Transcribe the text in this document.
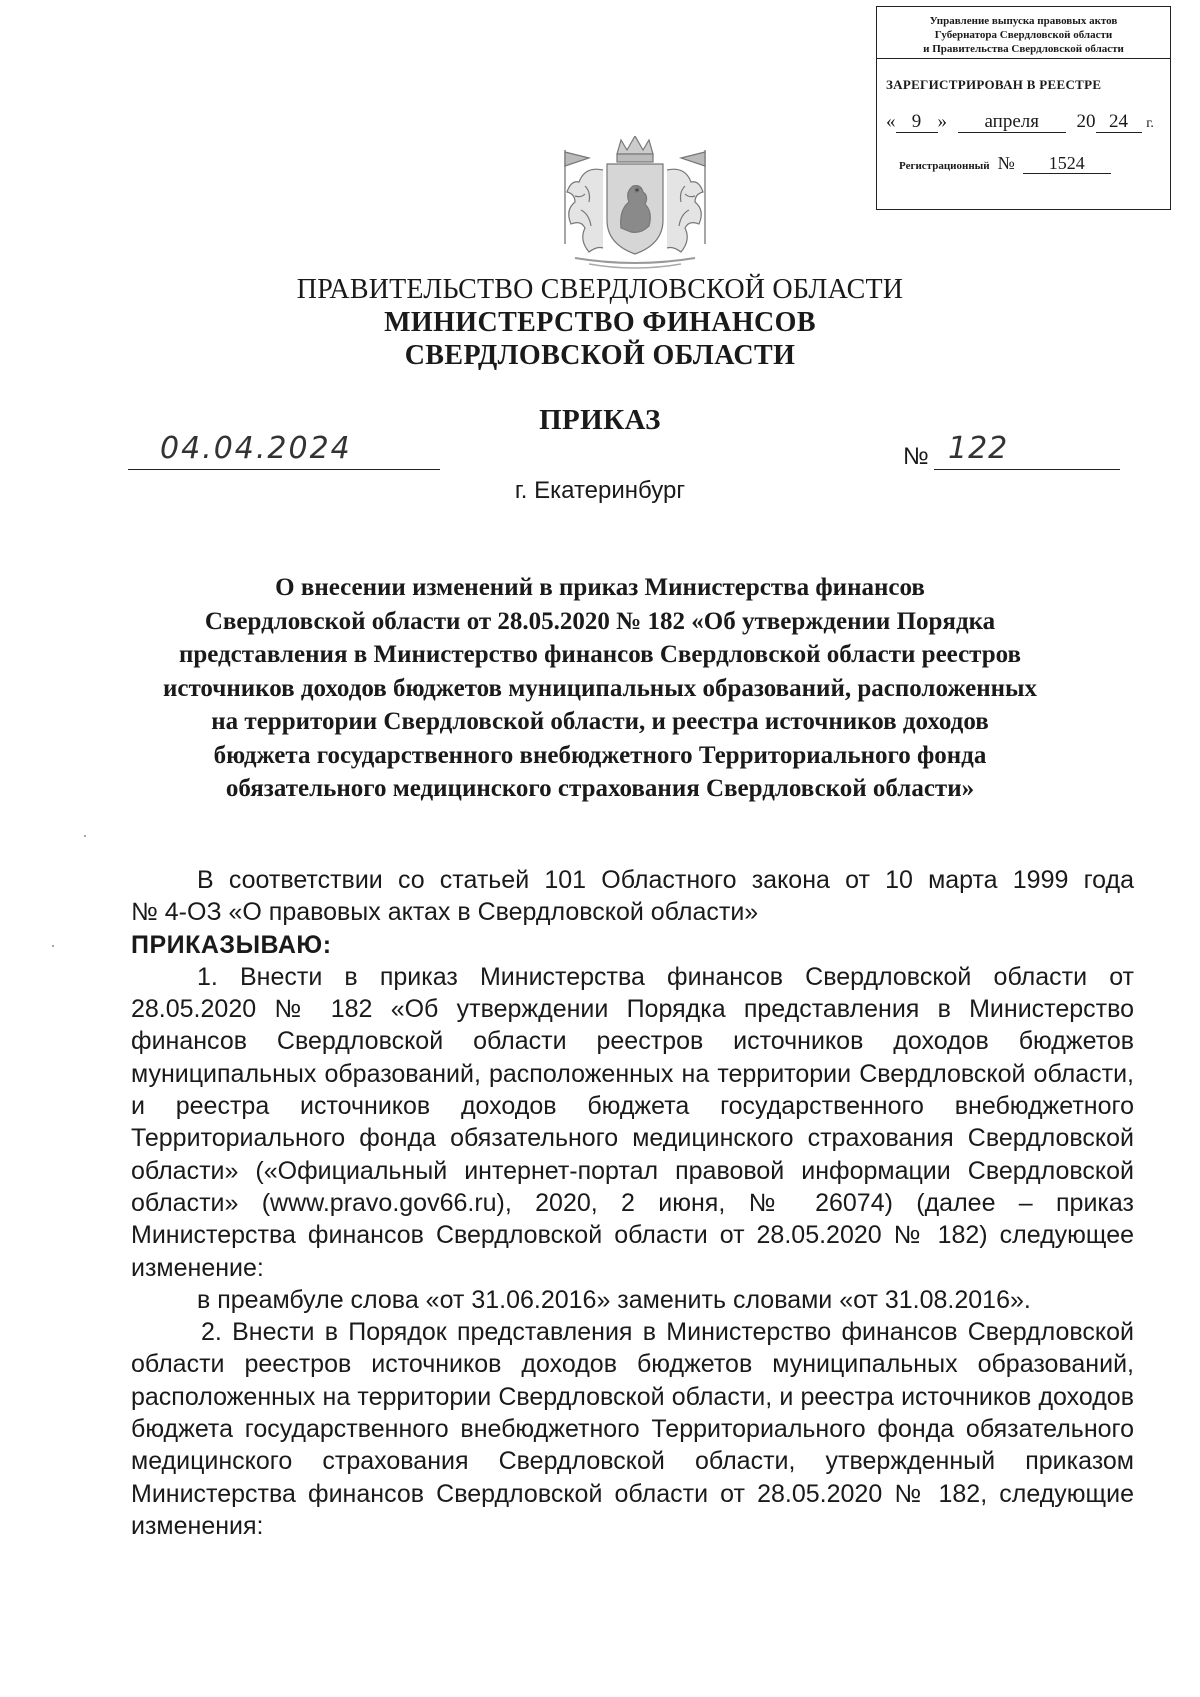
Управление выпуска правовых актов
Губернатора Свердловской области
и Правительства Свердловской области
ЗАРЕГИСТРИРОВАН В РЕЕСТРЕ
« 9 » апреля 20 24 г.
Регистрационный № 1524
ПРАВИТЕЛЬСТВО СВЕРДЛОВСКОЙ ОБЛАСТИ
МИНИСТЕРСТВО ФИНАНСОВ
СВЕРДЛОВСКОЙ ОБЛАСТИ
ПРИКАЗ
04.04.2024	№ 122
г. Екатеринбург
О внесении изменений в приказ Министерства финансов
Свердловской области от 28.05.2020 № 182 «Об утверждении Порядка
представления в Министерство финансов Свердловской области реестров
источников доходов бюджетов муниципальных образований, расположенных
на территории Свердловской области, и реестра источников доходов
бюджета государственного внебюджетного Территориального фонда
обязательного медицинского страхования Свердловской области»

В соответствии со статьей 101 Областного закона от 10 марта 1999 года

№ 4-ОЗ «О правовых актах в Свердловской области»

ПРИКАЗЫВАЮ:

1. Внести в приказ Министерства финансов Свердловской области от 28.05.2020 № 182 «Об утверждении Порядка представления в Министерство финансов Свердловской области реестров источников доходов бюджетов муниципальных образований, расположенных на территории Свердловской области, и реестра источников доходов бюджета государственного внебюджетного Территориального фонда обязательного медицинского страхования Свердловской области» («Официальный интернет-портал правовой информации Свердловской области» (www.pravo.gov66.ru), 2020, 2 июня, № 26074) (далее – приказ Министерства финансов Свердловской области от 28.05.2020 № 182) следующее изменение:

в преамбуле слова «от 31.06.2016» заменить словами «от 31.08.2016».

2. Внести в Порядок представления в Министерство финансов Свердловской области реестров источников доходов бюджетов муниципальных образований, расположенных на территории Свердловской области, и реестра источников доходов бюджета государственного внебюджетного Территориального фонда обязательного медицинского страхования Свердловской области, утвержденный приказом Министерства финансов Свердловской области от 28.05.2020 № 182, следующие изменения:
